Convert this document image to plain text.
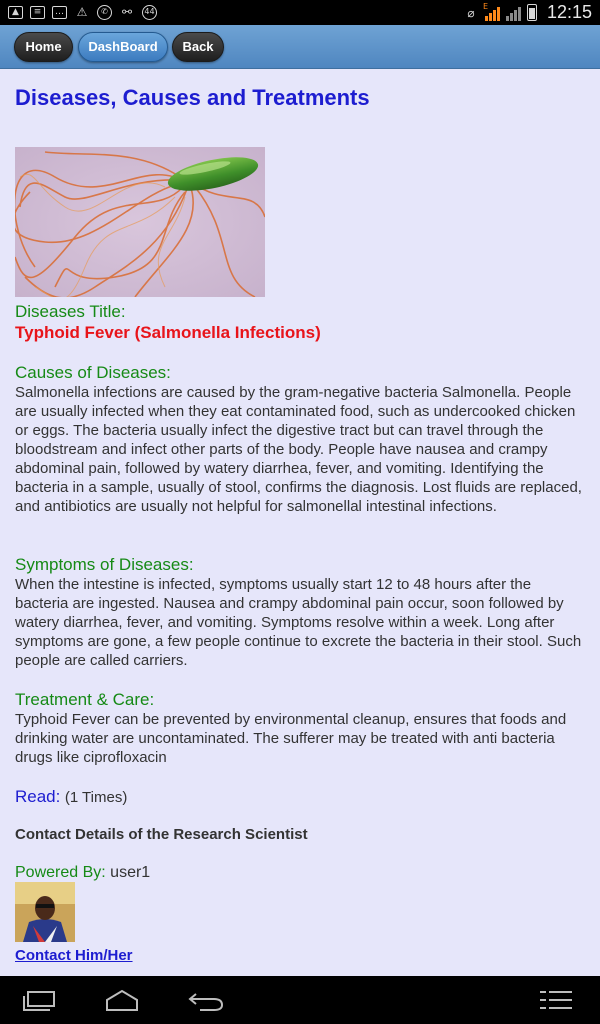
▲	≡	… ⚠	✆	⚯	44	⌀	E	12:15
Home	DashBoard	Back
Diseases, Causes and Treatments
Diseases Title:
Typhoid Fever (Salmonella Infections)
Causes of Diseases:
Salmonella infections are caused by the gram-negative bacteria Salmonella. People are usually infected when they eat contaminated food, such as undercooked chicken or eggs. The bacteria usually infect the digestive tract but can travel through the bloodstream and infect other parts of the body. People have nausea and crampy abdominal pain, followed by watery diarrhea, fever, and vomiting. Identifying the bacteria in a sample, usually of stool, confirms the diagnosis. Lost fluids are replaced, and antibiotics are usually not helpful for salmonellal intestinal infections.
Symptoms of Diseases:
When the intestine is infected, symptoms usually start 12 to 48 hours after the bacteria are ingested. Nausea and crampy abdominal pain occur, soon followed by watery diarrhea, fever, and vomiting. Symptoms resolve within a week. Long after symptoms are gone, a few people continue to excrete the bacteria in their stool. Such people are called carriers.
Treatment & Care:
Typhoid Fever can be prevented by environmental cleanup, ensures that foods and drinking water are uncontaminated. The sufferer may be treated with anti bacteria drugs like ciprofloxacin
Read: (1 Times)
Contact Details of the Research Scientist
Powered By: user1
Contact Him/Her
